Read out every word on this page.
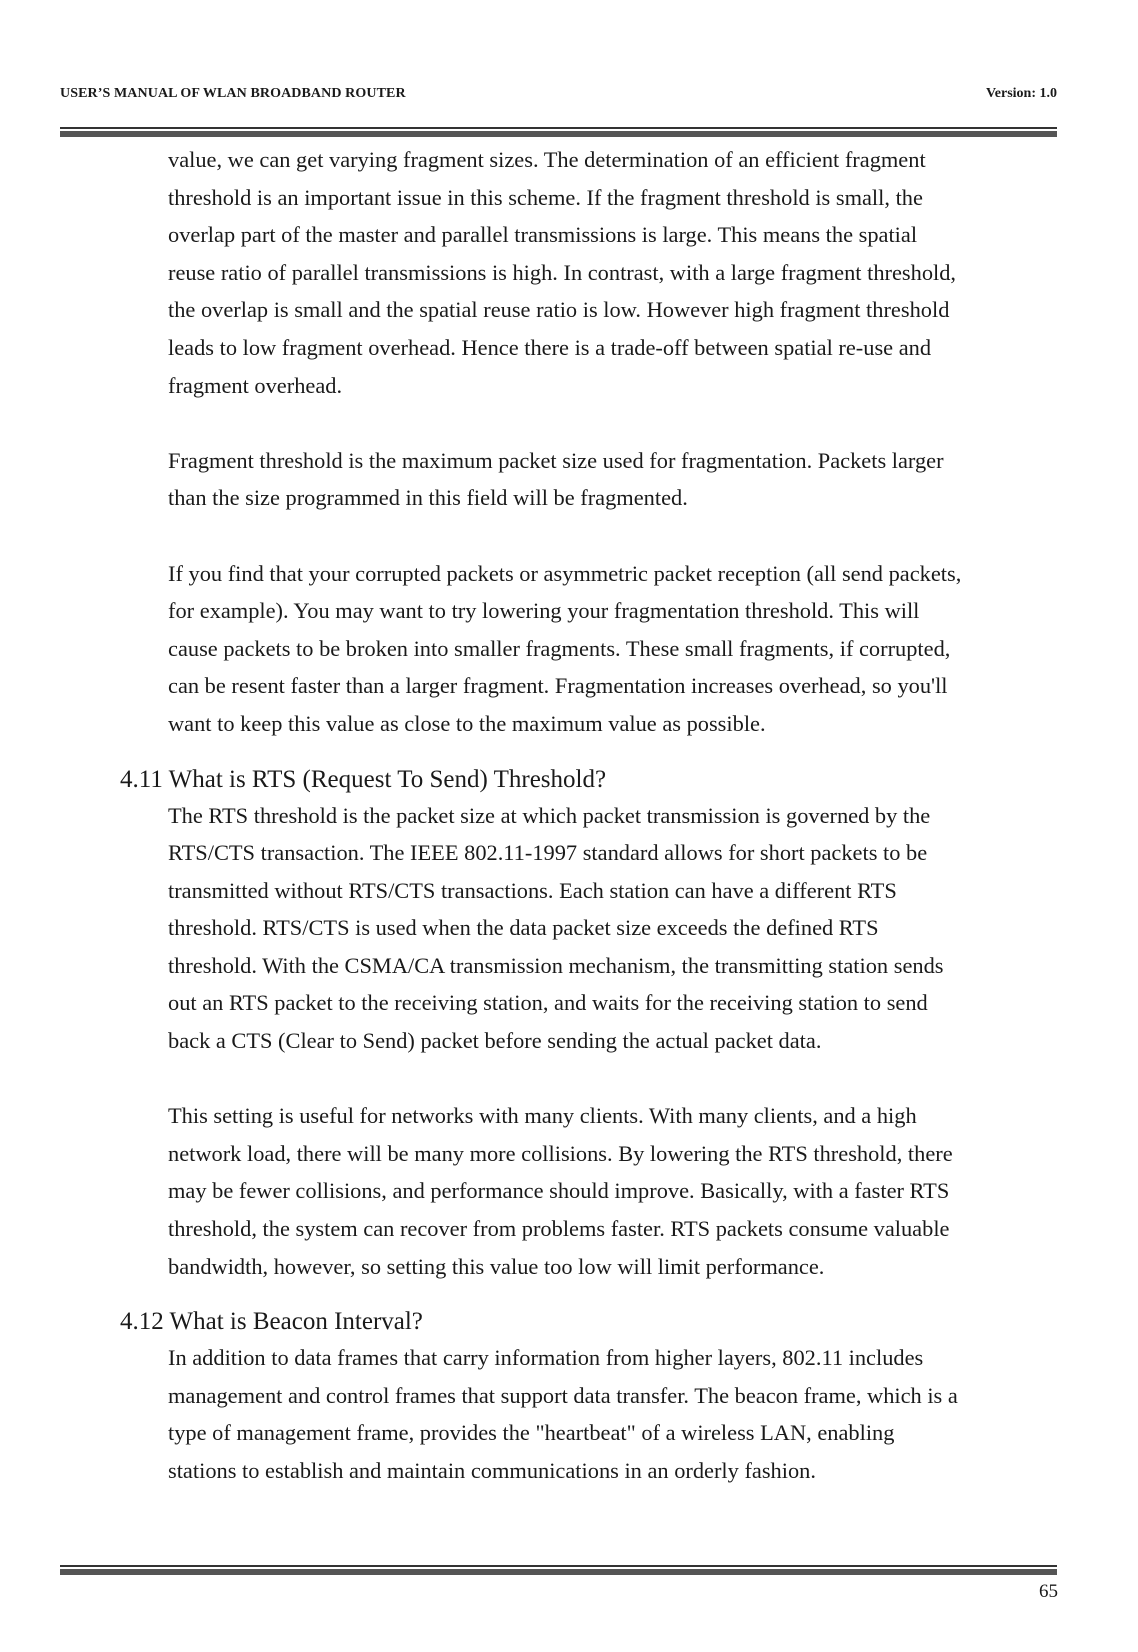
USER’S MANUAL OF WLAN BROADBAND ROUTER	Version: 1.0
value, we can get varying fragment sizes. The determination of an efficient fragment
threshold is an important issue in this scheme. If the fragment threshold is small, the
overlap part of the master and parallel transmissions is large. This means the spatial
reuse ratio of parallel transmissions is high. In contrast, with a large fragment threshold,
the overlap is small and the spatial reuse ratio is low. However high fragment threshold
leads to low fragment overhead. Hence there is a trade-off between spatial re-use and
fragment overhead.
Fragment threshold is the maximum packet size used for fragmentation. Packets larger
than the size programmed in this field will be fragmented.
If you find that your corrupted packets or asymmetric packet reception (all send packets,
for example). You may want to try lowering your fragmentation threshold. This will
cause packets to be broken into smaller fragments. These small fragments, if corrupted,
can be resent faster than a larger fragment. Fragmentation increases overhead, so you'll
want to keep this value as close to the maximum value as possible.
4.11 What is RTS (Request To Send) Threshold?
The RTS threshold is the packet size at which packet transmission is governed by the
RTS/CTS transaction. The IEEE 802.11-1997 standard allows for short packets to be
transmitted without RTS/CTS transactions. Each station can have a different RTS
threshold. RTS/CTS is used when the data packet size exceeds the defined RTS
threshold. With the CSMA/CA transmission mechanism, the transmitting station sends
out an RTS packet to the receiving station, and waits for the receiving station to send
back a CTS (Clear to Send) packet before sending the actual packet data.
This setting is useful for networks with many clients. With many clients, and a high
network load, there will be many more collisions. By lowering the RTS threshold, there
may be fewer collisions, and performance should improve. Basically, with a faster RTS
threshold, the system can recover from problems faster. RTS packets consume valuable
bandwidth, however, so setting this value too low will limit performance.
4.12 What is Beacon Interval?
In addition to data frames that carry information from higher layers, 802.11 includes
management and control frames that support data transfer. The beacon frame, which is a
type of management frame, provides the "heartbeat" of a wireless LAN, enabling
stations to establish and maintain communications in an orderly fashion.
65
